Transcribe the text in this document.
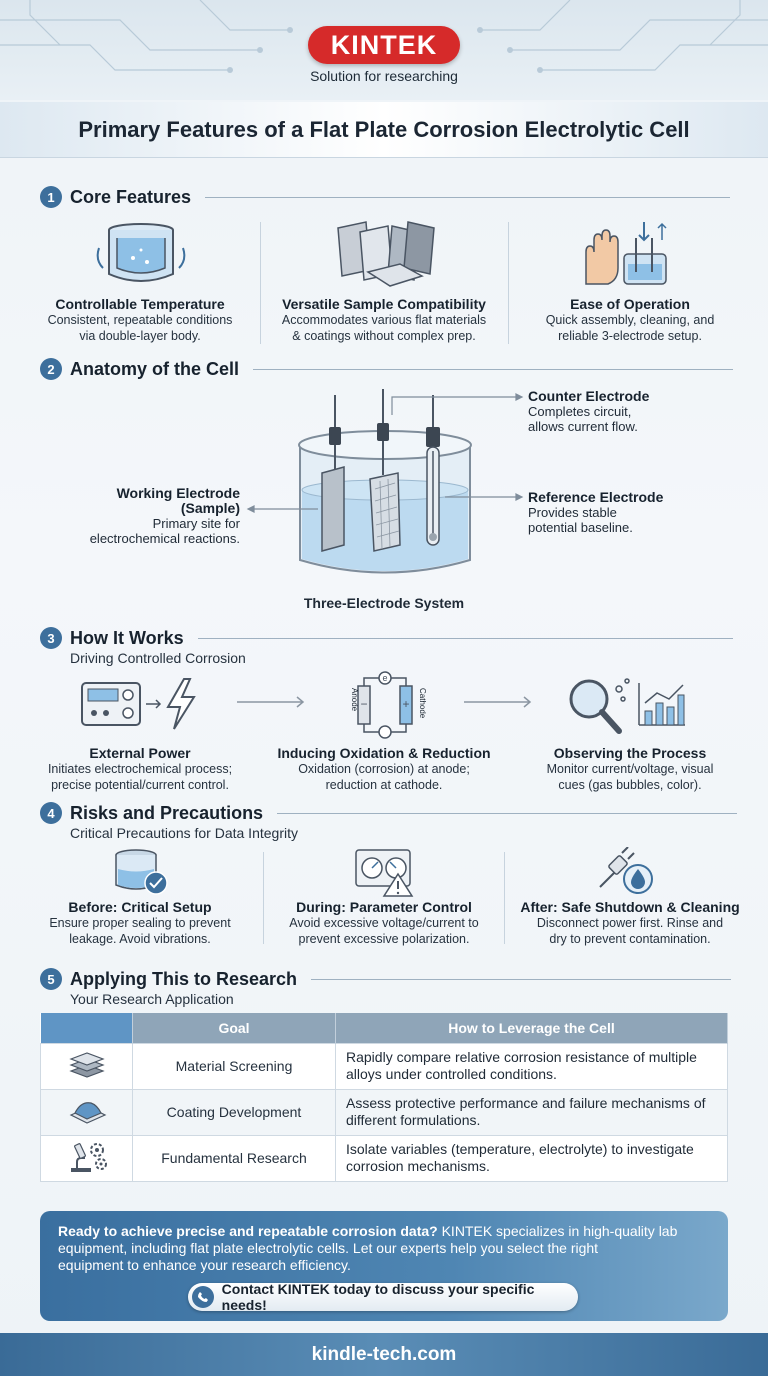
KINTEK
Solution for researching
Primary Features of a Flat Plate Corrosion Electrolytic Cell
1 Core Features
Controllable Temperature
Consistent, repeatable conditions
via double-layer body.
Versatile Sample Compatibility
Accommodates various flat materials
& coatings without complex prep.
Ease of Operation
Quick assembly, cleaning, and
reliable 3-electrode setup.
2 Anatomy of the Cell
Counter Electrode
Completes circuit,
allows current flow.
Reference Electrode
Provides stable
potential baseline.
Working Electrode
(Sample)
Primary site for
electrochemical reactions.
Three-Electrode System
3 How It Works
Driving Controlled Corrosion
e
−	+
Anode	Cathode
External Power
Initiates electrochemical process;
precise potential/current control.
Inducing Oxidation & Reduction
Oxidation (corrosion) at anode;
reduction at cathode.
Observing the Process
Monitor current/voltage, visual
cues (gas bubbles, color).
4 Risks and Precautions
Critical Precautions for Data Integrity
Before: Critical Setup
Ensure proper sealing to prevent
leakage. Avoid vibrations.
During: Parameter Control
Avoid excessive voltage/current to
prevent excessive polarization.
After: Safe Shutdown & Cleaning
Disconnect power first. Rinse and
dry to prevent contamination.
5 Applying This to Research
Your Research Application
	Goal	How to Leverage the Cell
	Material Screening	Rapidly compare relative corrosion resistance of multiple
alloys under controlled conditions.

	Coating Development	Assess protective performance and failure mechanisms of
different formulations.

	Fundamental Research	Isolate variables (temperature, electrolyte) to investigate
corrosion mechanisms.
Ready to achieve precise and repeatable corrosion data? KINTEK specializes in high-quality lab
equipment, including flat plate electrolytic cells. Let our experts help you select the right
equipment to enhance your research efficiency.
Contact KINTEK today to discuss your specific needs!
kindle-tech.com
